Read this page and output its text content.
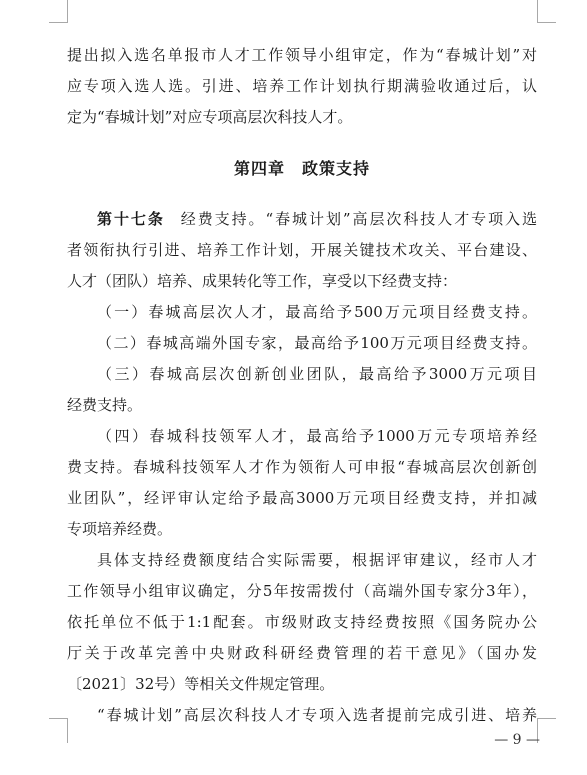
提出拟入选名单报市人才工作领导小组审定，作为“春城计划”对
应专项入选人选。引进、培养工作计划执行期满验收通过后，认
定为“春城计划”对应专项高层次科技人才。
第四章　政策支持
第十七条 经费支持。“春城计划”高层次科技人才专项入选
者领衔执行引进、培养工作计划，开展关键技术攻关、平台建设、
人才（团队）培养、成果转化等工作，享受以下经费支持：
（一）春城高层次人才，最高给予500万元项目经费支持。
（二）春城高端外国专家，最高给予100万元项目经费支持。
（三）春城高层次创新创业团队，最高给予3000万元项目
经费支持。
（四）春城科技领军人才，最高给予1000万元专项培养经
费支持。春城科技领军人才作为领衔人可申报“春城高层次创新创
业团队”，经评审认定给予最高3000万元项目经费支持，并扣减
专项培养经费。
具体支持经费额度结合实际需要，根据评审建议，经市人才
工作领导小组审议确定，分5年按需拨付（高端外国专家分3年），
依托单位不低于1:1配套。市级财政支持经费按照《国务院办公
厅关于改革完善中央财政科研经费管理的若干意见》（国办发
〔2021〕32号）等相关文件规定管理。
“春城计划”高层次科技人才专项入选者提前完成引进、培养
— 9 —
